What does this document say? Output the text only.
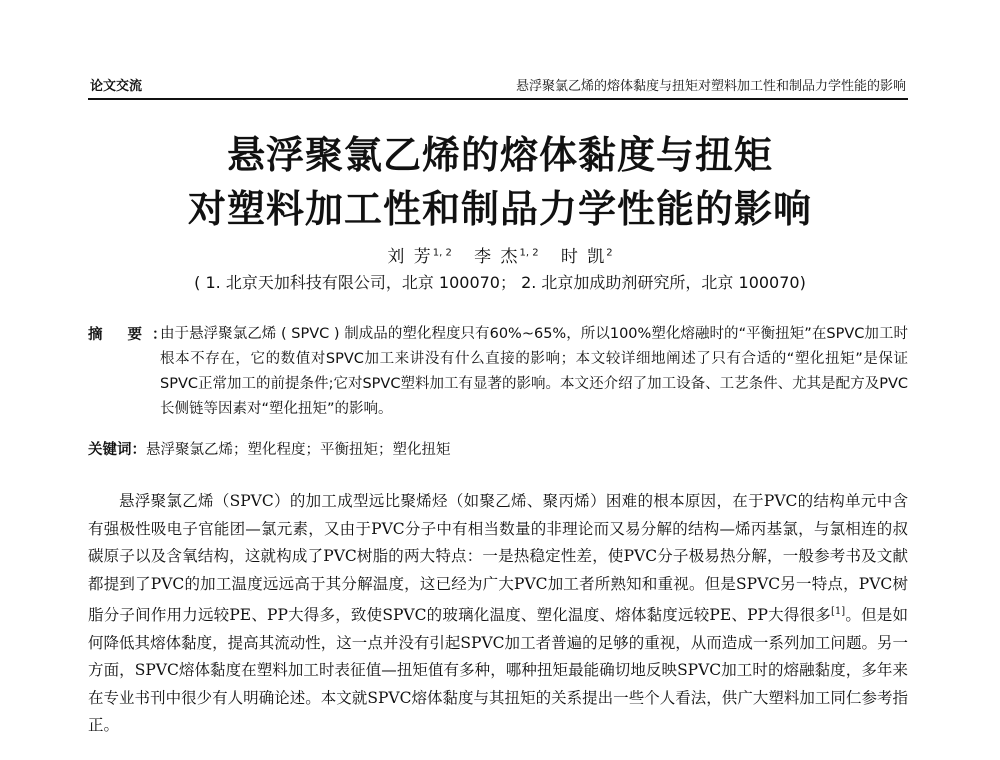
论文交流	悬浮聚氯乙烯的熔体黏度与扭矩对塑料加工性和制品力学性能的影响
悬浮聚氯乙烯的熔体黏度与扭矩
对塑料加工性和制品力学性能的影响
刘 芳$^{1, 2}$ 李 杰$^{1, 2}$ 时 凯$^2$
( 1. 北京天加科技有限公司，北京 100070； 2. 北京加成助剂研究所，北京 100070)
摘 要：
由于悬浮聚氯乙烯 ( SPVC ) 制成品的塑化程度只有60%~65%，所以100%塑化熔融时的“平衡扭矩”在SPVC加工时根本不存在，它的数值对SPVC加工来讲没有什么直接的影响；本文较详细地阐述了只有合适的“塑化扭矩”是保证SPVC正常加工的前提条件;它对SPVC塑料加工有显著的影响。本文还介绍了加工设备、工艺条件、尤其是配方及PVC长侧链等因素对“塑化扭矩”的影响。
关键词：悬浮聚氯乙烯；塑化程度；平衡扭矩；塑化扭矩
悬浮聚氯乙烯（SPVC）的加工成型远比聚烯烃（如聚乙烯、聚丙烯）困难的根本原因，在于PVC的结构单元中含有强极性吸电子官能团—氯元素，又由于PVC分子中有相当数量的非理论而又易分解的结构—烯丙基氯，与氯相连的叔碳原子以及含氧结构，这就构成了PVC树脂的两大特点：一是热稳定性差，使PVC分子极易热分解，一般参考书及文献都提到了PVC的加工温度远远高于其分解温度，这已经为广大PVC加工者所熟知和重视。但是SPVC另一特点，PVC树脂分子间作用力远较PE、PP大得多，致使SPVC的玻璃化温度、塑化温度、熔体黏度远较PE、PP大得很多[1]。但是如何降低其熔体黏度，提高其流动性，这一点并没有引起SPVC加工者普遍的足够的重视，从而造成一系列加工问题。另一方面，SPVC熔体黏度在塑料加工时表征值—扭矩值有多种，哪种扭矩最能确切地反映SPVC加工时的熔融黏度，多年来在专业书刊中很少有人明确论述。本文就SPVC熔体黏度与其扭矩的关系提出一些个人看法，供广大塑料加工同仁参考指正。
